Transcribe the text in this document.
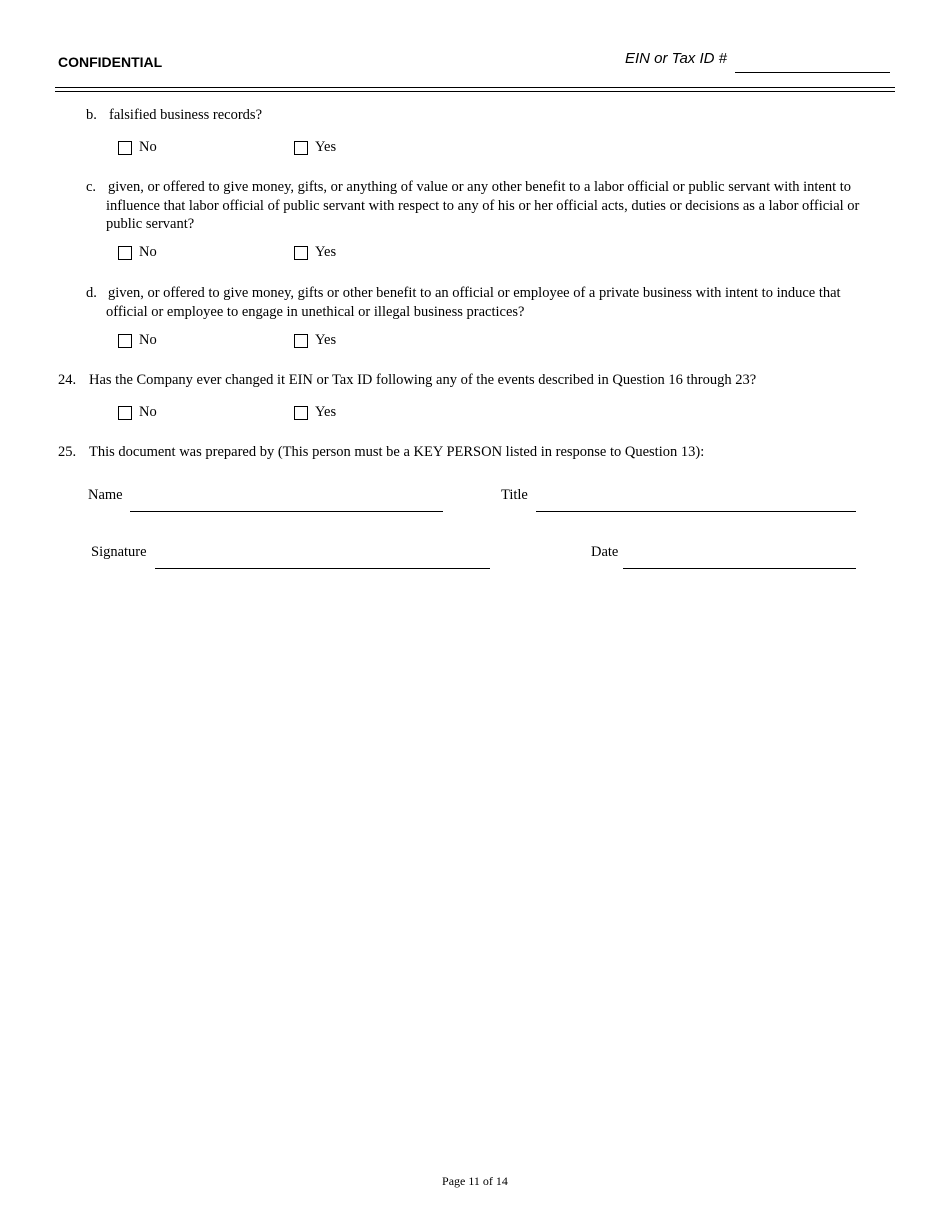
CONFIDENTIAL	EIN or Tax ID #
b. falsified business records?
No	Yes
c. given, or offered to give money, gifts, or anything of value or any other benefit to a labor official or public servant with intent to influence that labor official of public servant with respect to any of his or her official acts, duties or decisions as a labor official or public servant?
No	Yes
d. given, or offered to give money, gifts or other benefit to an official or employee of a private business with intent to induce that official or employee to engage in unethical or illegal business practices?
No	Yes
24. Has the Company ever changed it EIN or Tax ID following any of the events described in Question 16 through 23?
No	Yes
25. This document was prepared by (This person must be a KEY PERSON listed in response to Question 13):
Name	Title
Signature	Date
Page 11 of 14
